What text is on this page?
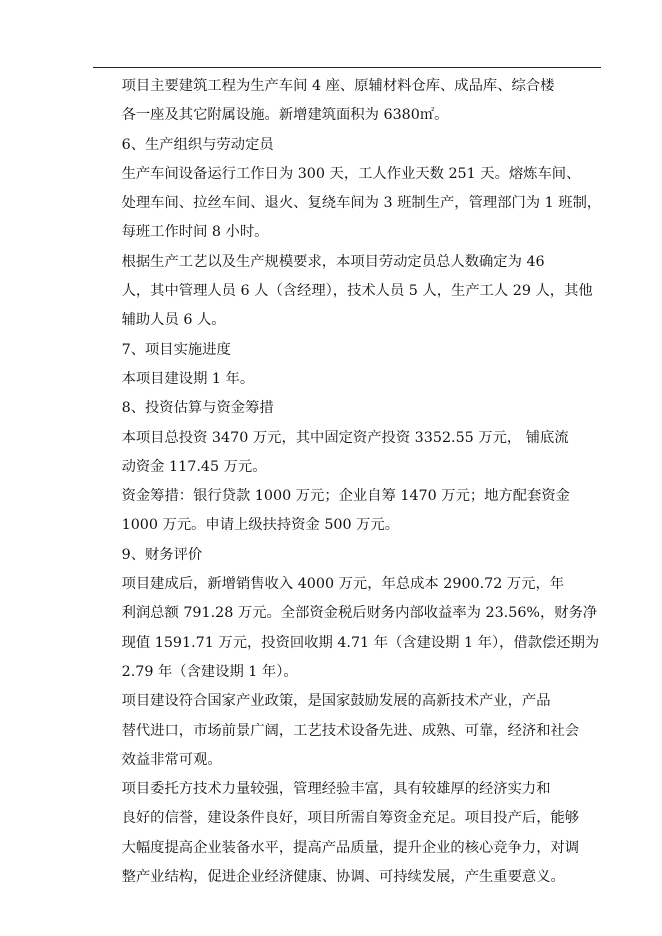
项目主要建筑工程为生产车间 4 座、原辅材料仓库、成品库、综合楼
各一座及其它附属设施。新增建筑面积为 6380㎡。
6、生产组织与劳动定员
生产车间设备运行工作日为 300 天，工人作业天数 251 天。熔炼车间、
处理车间、拉丝车间、退火、复绕车间为 3 班制生产，管理部门为 1 班制，
每班工作时间 8 小时。
根据生产工艺以及生产规模要求，本项目劳动定员总人数确定为 46
人，其中管理人员 6 人（含经理），技术人员 5 人，生产工人 29 人，其他
辅助人员 6 人。
7、项目实施进度
本项目建设期 1 年。
8、投资估算与资金筹措
本项目总投资 3470 万元，其中固定资产投资 3352.55 万元， 铺底流
动资金 117.45 万元。
资金筹措：银行贷款 1000 万元；企业自筹 1470 万元；地方配套资金
1000 万元。申请上级扶持资金 500 万元。
9、财务评价
项目建成后，新增销售收入 4000 万元，年总成本 2900.72 万元，年
利润总额 791.28 万元。全部资金税后财务内部收益率为 23.56%，财务净
现值 1591.71 万元，投资回收期 4.71 年（含建设期 1 年），借款偿还期为
2.79 年（含建设期 1 年）。
项目建设符合国家产业政策，是国家鼓励发展的高新技术产业，产品
替代进口，市场前景广阔，工艺技术设备先进、成熟、可靠，经济和社会
效益非常可观。
项目委托方技术力量较强，管理经验丰富，具有较雄厚的经济实力和
良好的信誉，建设条件良好，项目所需自筹资金充足。项目投产后，能够
大幅度提高企业装备水平，提高产品质量，提升企业的核心竞争力，对调
整产业结构，促进企业经济健康、协调、可持续发展，产生重要意义。
